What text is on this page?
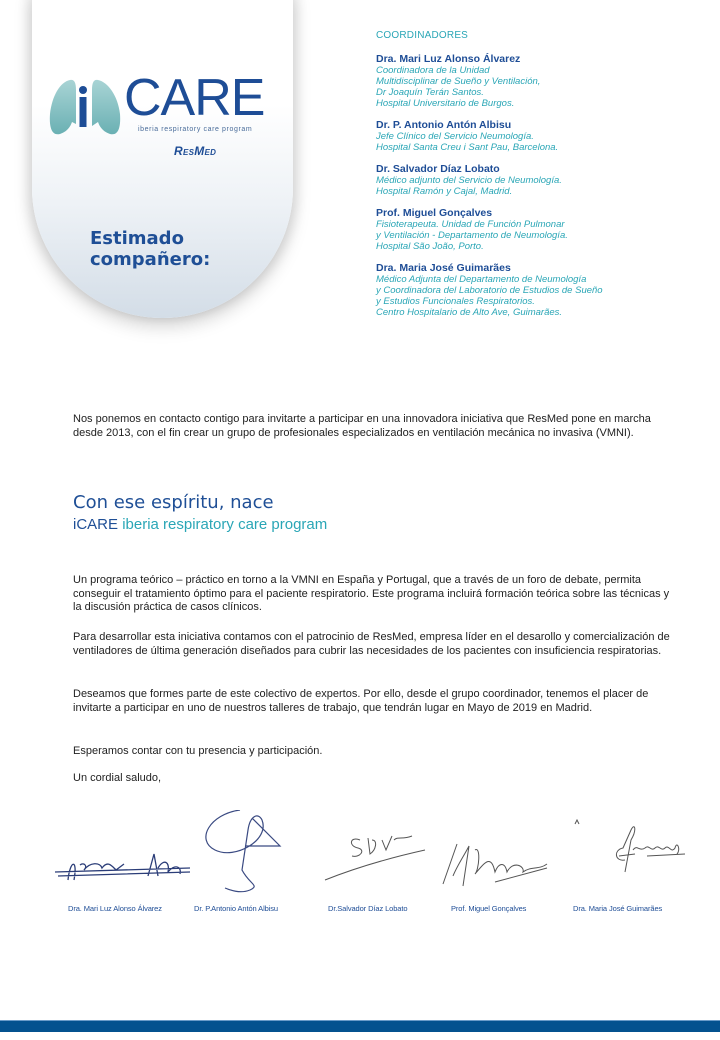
CARE
iberia respiratory care program
ResMed
Estimado
compañero:
COORDINADORES
Dra. Mari Luz Alonso Álvarez
Coordinadora de la Unidad
Multidisciplinar de Sueño y Ventilación,
Dr Joaquín Terán Santos.
Hospital Universitario de Burgos.
Dr. P. Antonio Antón Albisu
Jefe Clínico del Servicio Neumología.
Hospital Santa Creu i Sant Pau, Barcelona.
Dr. Salvador Díaz Lobato
Médico adjunto del Servicio de Neumología.
Hospital Ramón y Cajal, Madrid.
Prof. Miguel Gonçalves
Fisioterapeuta. Unidad de Función Pulmonar
y Ventilación - Departamento de Neumología.
Hospital São João, Porto.
Dra. Maria José Guimarães
Médico Adjunta del Departamento de Neumología
y Coordinadora del Laboratorio de Estudios de Sueño
y Estudios Funcionales Respiratorios.
Centro Hospitalario de Alto Ave, Guimarães.
Nos ponemos en contacto contigo para invitarte a participar en una innovadora iniciativa que ResMed pone en marcha desde 2013, con el fin crear un grupo de profesionales especializados en ventilación mecánica no invasiva (VMNI).
Con ese espíritu, nace
iCARE iberia respiratory care program
Un programa teórico – práctico en torno a la VMNI en España y Portugal, que a través de un foro de debate, permita conseguir el tratamiento óptimo para el paciente respiratorio. Este programa incluirá formación teórica sobre las técnicas y la discusión práctica de casos clínicos.
Para desarrollar esta iniciativa contamos con el patrocinio de ResMed, empresa líder en el desarollo y comercialización de ventiladores de última generación diseñados para cubrir las necesidades de los pacientes con insuficiencia respiratorias.
Deseamos que formes parte de este colectivo de expertos. Por ello, desde el grupo coordinador, tenemos el placer de invitarte a participar en uno de nuestros talleres de trabajo, que tendrán lugar en Mayo de 2019 en Madrid.
Esperamos contar con tu presencia y participación.
Un cordial saludo,
Dra. Mari Luz Alonso Álvarez	Dr. P.Antonio Antón Albisu	Dr.Salvador Díaz Lobato	Prof. Miguel Gonçalves	Dra. Maria José Guimarães
